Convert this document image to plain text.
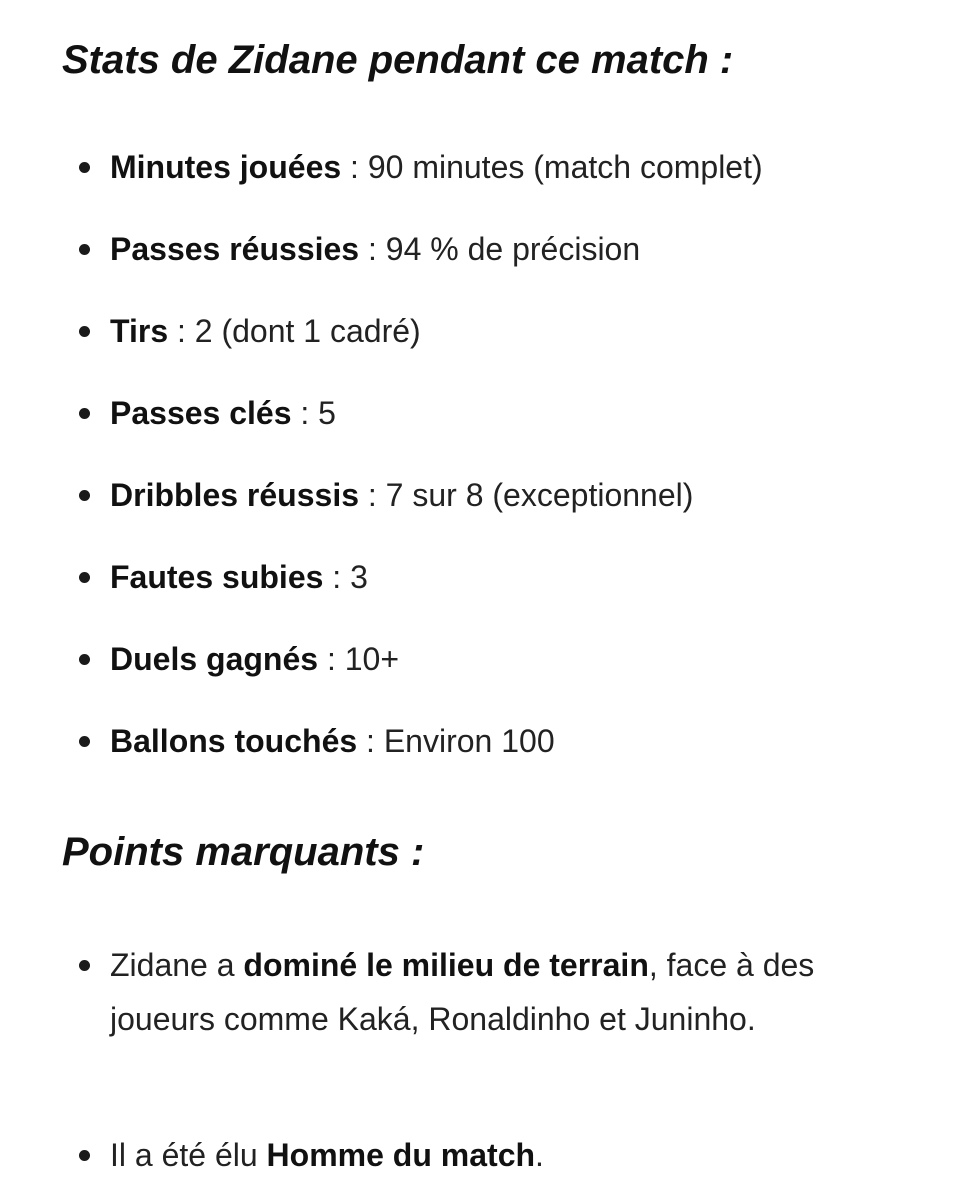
Stats de Zidane pendant ce match :
Minutes jouées : 90 minutes (match complet)
Passes réussies : 94 % de précision
Tirs : 2 (dont 1 cadré)
Passes clés : 5
Dribbles réussis : 7 sur 8 (exceptionnel)
Fautes subies : 3
Duels gagnés : 10+
Ballons touchés : Environ 100
Points marquants :
Zidane a dominé le milieu de terrain, face à des joueurs comme Kaká, Ronaldinho et Juninho.
Il a été élu Homme du match.
